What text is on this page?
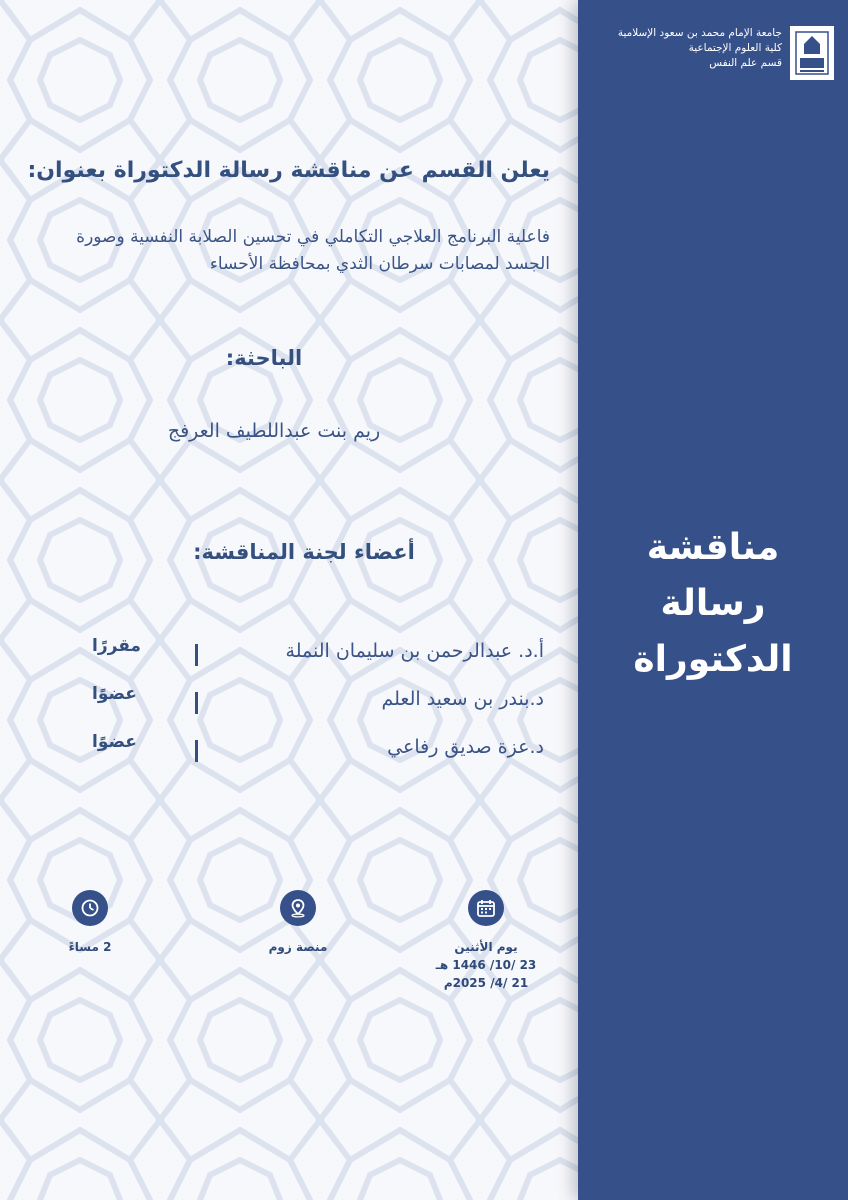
جامعة الإمام محمد بن سعود الإسلامية
كلية العلوم الإجتماعية
قسم علم النفس
مناقشة
رسالة الدكتوراة
يعلن القسم عن مناقشة رسالة الدكتوراة بعنوان:
فاعلية البرنامج العلاجي التكاملي في تحسين الصلابة النفسية وصورة الجسد لمصابات سرطان الثدي بمحافظة الأحساء
الباحثة:
ريم بنت عبداللطيف العرفج
أعضاء لجنة المناقشة:
أ.د. عبدالرحمن بن سليمان النملة
مقررًا
د.بندر بن سعيد العلم
عضوًا
د.عزة صديق رفاعي
عضوًا
يوم الأثنين
23 /10/ 1446 هـ
21 /4/ 2025م
منصة زوم
2 مساءً
